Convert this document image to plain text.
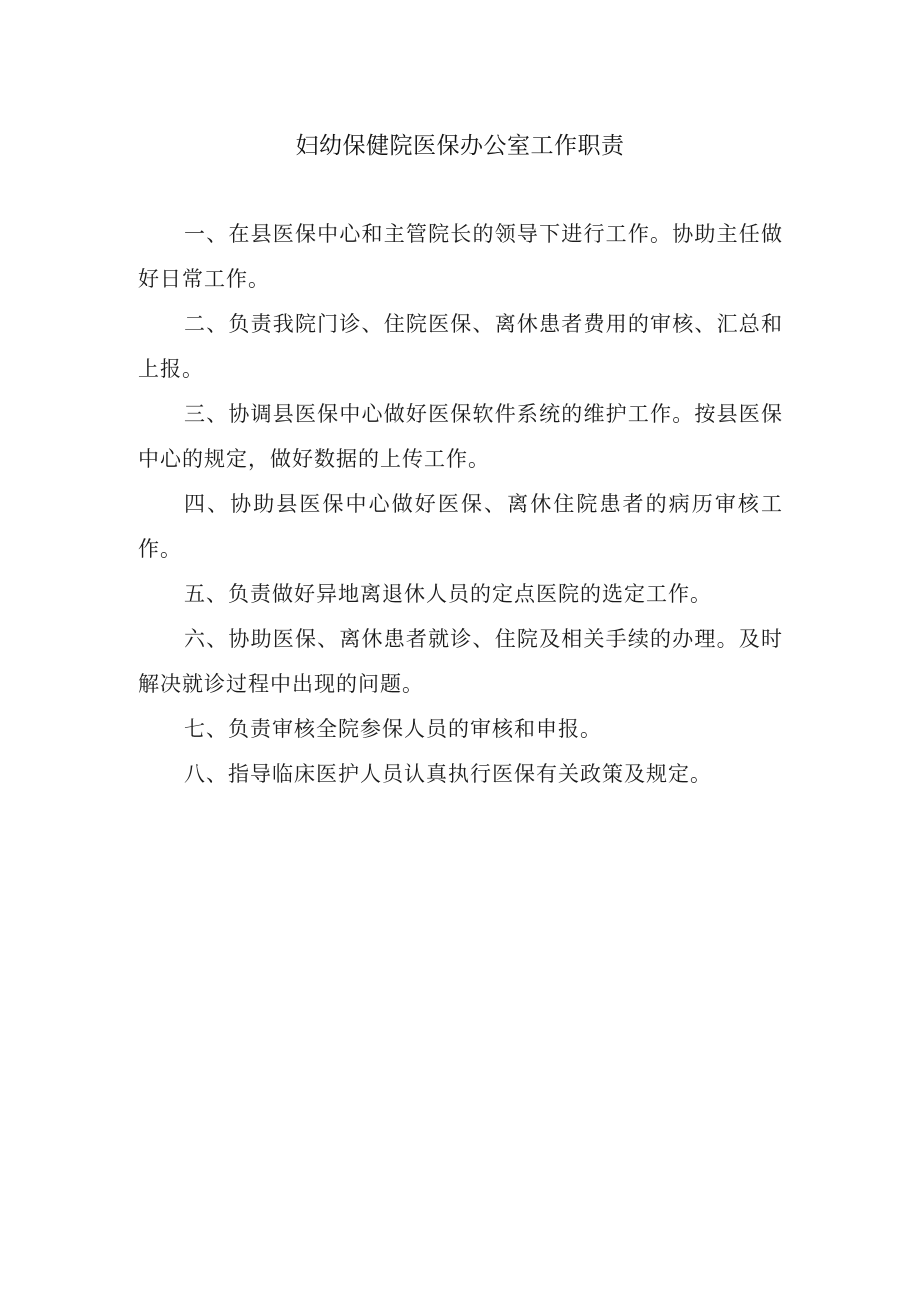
妇幼保健院医保办公室工作职责

一、在县医保中心和主管院长的领导下进行工作。协助主任做好日常工作。

二、负责我院门诊、住院医保、离休患者费用的审核、汇总和上报。

三、协调县医保中心做好医保软件系统的维护工作。按县医保中心的规定，做好数据的上传工作。

四、协助县医保中心做好医保、离休住院患者的病历审核工作。

五、负责做好异地离退休人员的定点医院的选定工作。

六、协助医保、离休患者就诊、住院及相关手续的办理。及时解决就诊过程中出现的问题。

七、负责审核全院参保人员的审核和申报。

八、指导临床医护人员认真执行医保有关政策及规定。
